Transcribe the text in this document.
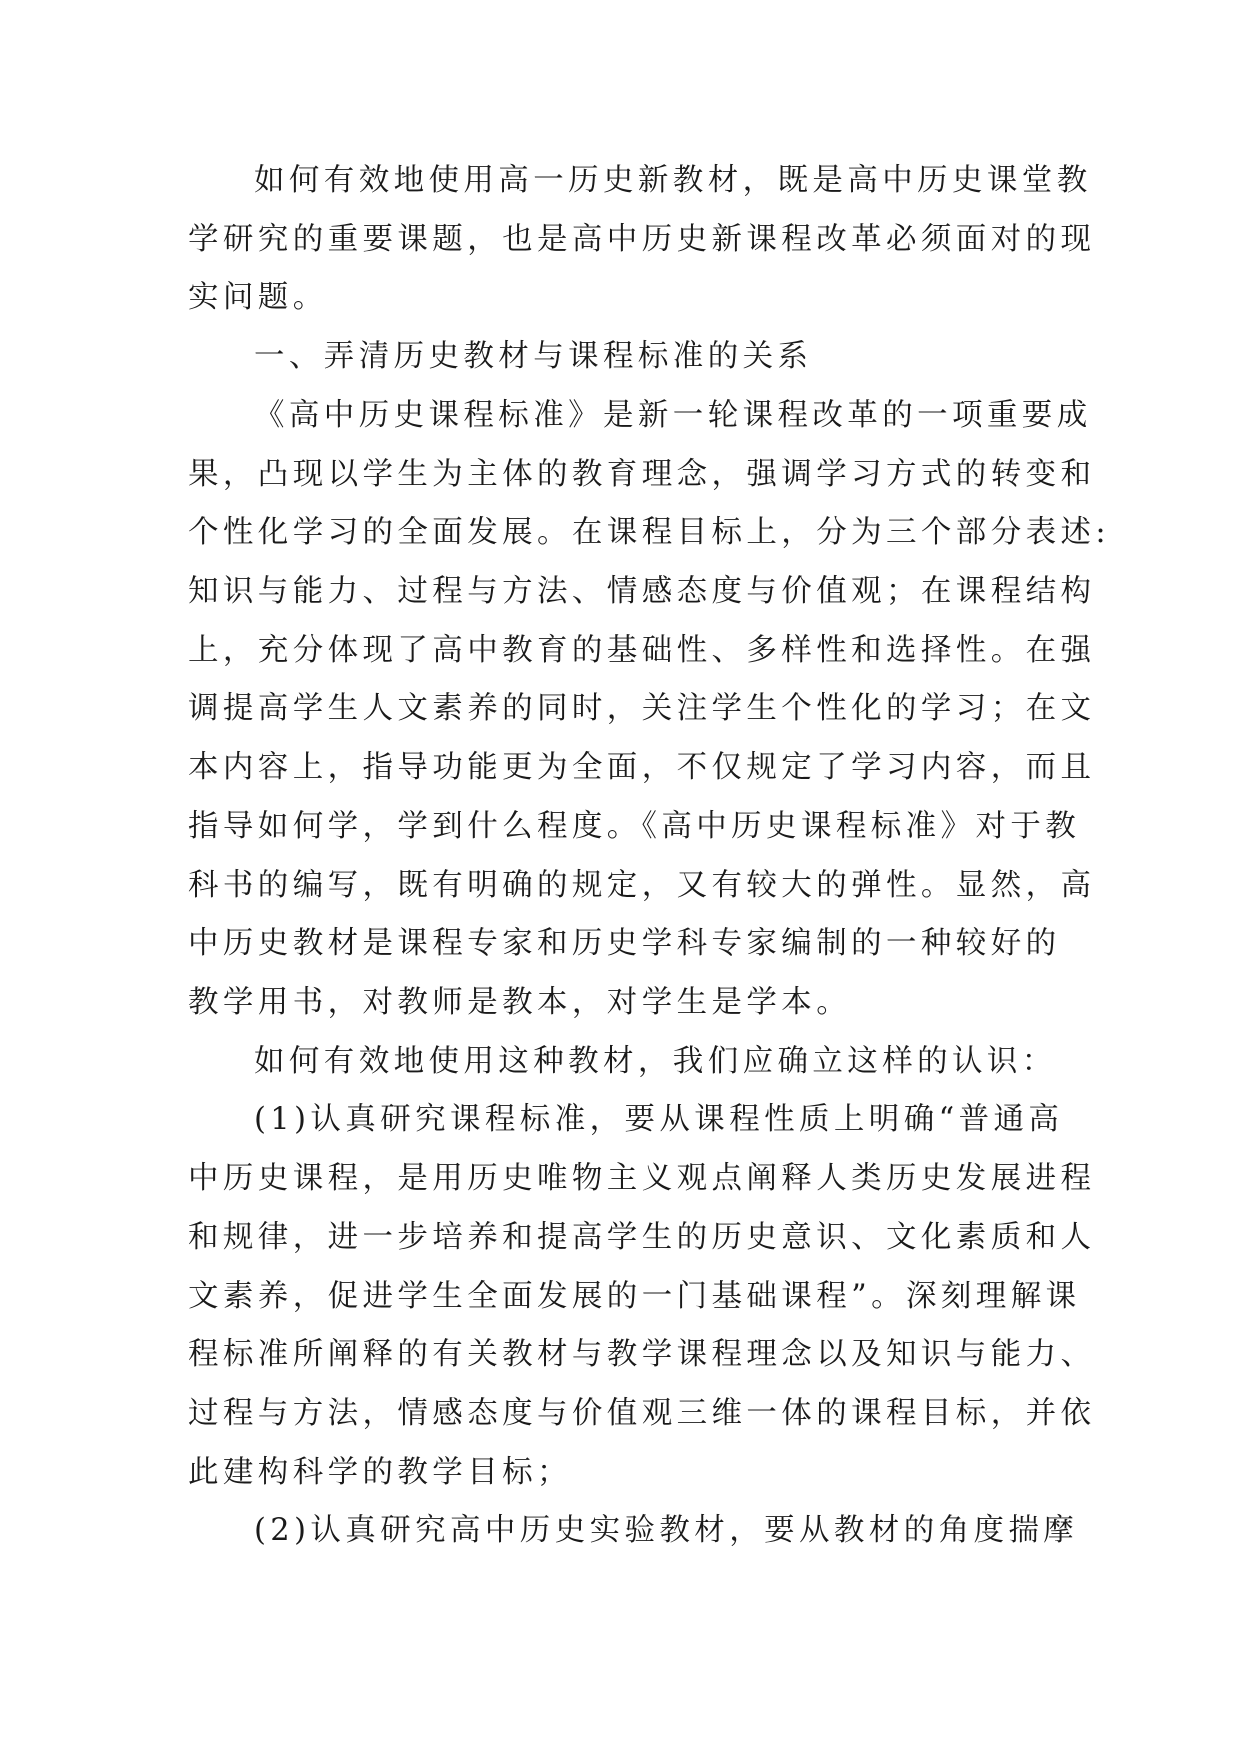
如何有效地使用高一历史新教材，既是高中历史课堂教
学研究的重要课题，也是高中历史新课程改革必须面对的现
实问题。
一、弄清历史教材与课程标准的关系
《高中历史课程标准》是新一轮课程改革的一项重要成
果，凸现以学生为主体的教育理念，强调学习方式的转变和
个性化学习的全面发展。在课程目标上，分为三个部分表述:
知识与能力、过程与方法、情感态度与价值观；在课程结构
上，充分体现了高中教育的基础性、多样性和选择性。在强
调提高学生人文素养的同时，关注学生个性化的学习；在文
本内容上，指导功能更为全面，不仅规定了学习内容，而且
指导如何学，学到什么程度。《高中历史课程标准》对于教
科书的编写，既有明确的规定，又有较大的弹性。显然，高
中历史教材是课程专家和历史学科专家编制的一种较好的
教学用书，对教师是教本，对学生是学本。
如何有效地使用这种教材，我们应确立这样的认识：
(1)认真研究课程标准，要从课程性质上明确“普通高
中历史课程，是用历史唯物主义观点阐释人类历史发展进程
和规律，进一步培养和提高学生的历史意识、文化素质和人
文素养，促进学生全面发展的一门基础课程”。深刻理解课
程标准所阐释的有关教材与教学课程理念以及知识与能力、
过程与方法，情感态度与价值观三维一体的课程目标，并依
此建构科学的教学目标；
(2)认真研究高中历史实验教材，要从教材的角度揣摩
